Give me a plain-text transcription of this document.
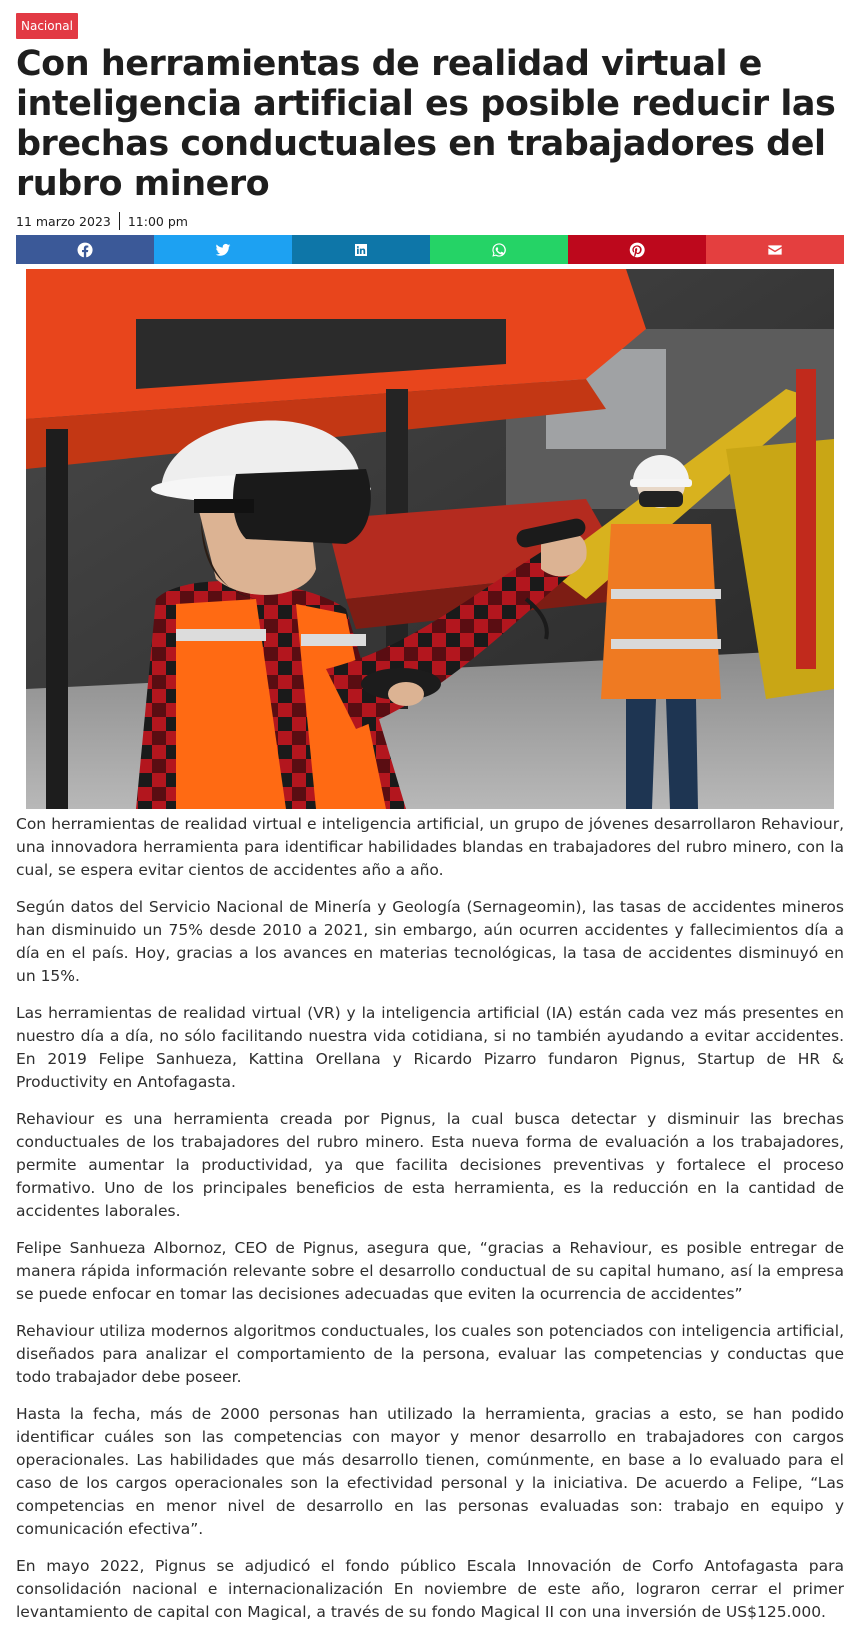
Nacional
Con herramientas de realidad virtual e inteligencia artificial es posible reducir las brechas conductuales en trabajadores del rubro minero
11 marzo 2023 11:00 pm

Con herramientas de realidad virtual e inteligencia artificial, un grupo de jóvenes desarrollaron Rehaviour, una innovadora herramienta para identificar habilidades blandas en trabajadores del rubro minero, con la cual, se espera evitar cientos de accidentes año a año.

Según datos del Servicio Nacional de Minería y Geología (Sernageomin), las tasas de accidentes mineros han disminuido un 75% desde 2010 a 2021, sin embargo, aún ocurren accidentes y fallecimientos día a día en el país. Hoy, gracias a los avances en materias tecnológicas, la tasa de accidentes disminuyó en un 15%.

Las herramientas de realidad virtual (VR) y la inteligencia artificial (IA) están cada vez más presentes en nuestro día a día, no sólo facilitando nuestra vida cotidiana, si no también ayudando a evitar accidentes. En 2019 Felipe Sanhueza, Kattina Orellana y Ricardo Pizarro fundaron Pignus, Startup de HR & Productivity en Antofagasta.

Rehaviour es una herramienta creada por Pignus, la cual busca detectar y disminuir las brechas conductuales de los trabajadores del rubro minero. Esta nueva forma de evaluación a los trabajadores, permite aumentar la productividad, ya que facilita decisiones preventivas y fortalece el proceso formativo. Uno de los principales beneficios de esta herramienta, es la reducción en la cantidad de accidentes laborales.

Felipe Sanhueza Albornoz, CEO de Pignus, asegura que, “gracias a Rehaviour, es posible entregar de manera rápida información relevante sobre el desarrollo conductual de su capital humano, así la empresa se puede enfocar en tomar las decisiones adecuadas que eviten la ocurrencia de accidentes”

Rehaviour utiliza modernos algoritmos conductuales, los cuales son potenciados con inteligencia artificial, diseñados para analizar el comportamiento de la persona, evaluar las competencias y conductas que todo trabajador debe poseer.

Hasta la fecha, más de 2000 personas han utilizado la herramienta, gracias a esto, se han podido identificar cuáles son las competencias con mayor y menor desarrollo en trabajadores con cargos operacionales. Las habilidades que más desarrollo tienen, comúnmente, en base a lo evaluado para el caso de los cargos operacionales son la efectividad personal y la iniciativa. De acuerdo a Felipe, “Las competencias en menor nivel de desarrollo en las personas evaluadas son: trabajo en equipo y comunicación efectiva”.

En mayo 2022, Pignus se adjudicó el fondo público Escala Innovación de Corfo Antofagasta para consolidación nacional e internacionalización En noviembre de este año, lograron cerrar el primer levantamiento de capital con Magical, a través de su fondo Magical II con una inversión de US$125.000.
